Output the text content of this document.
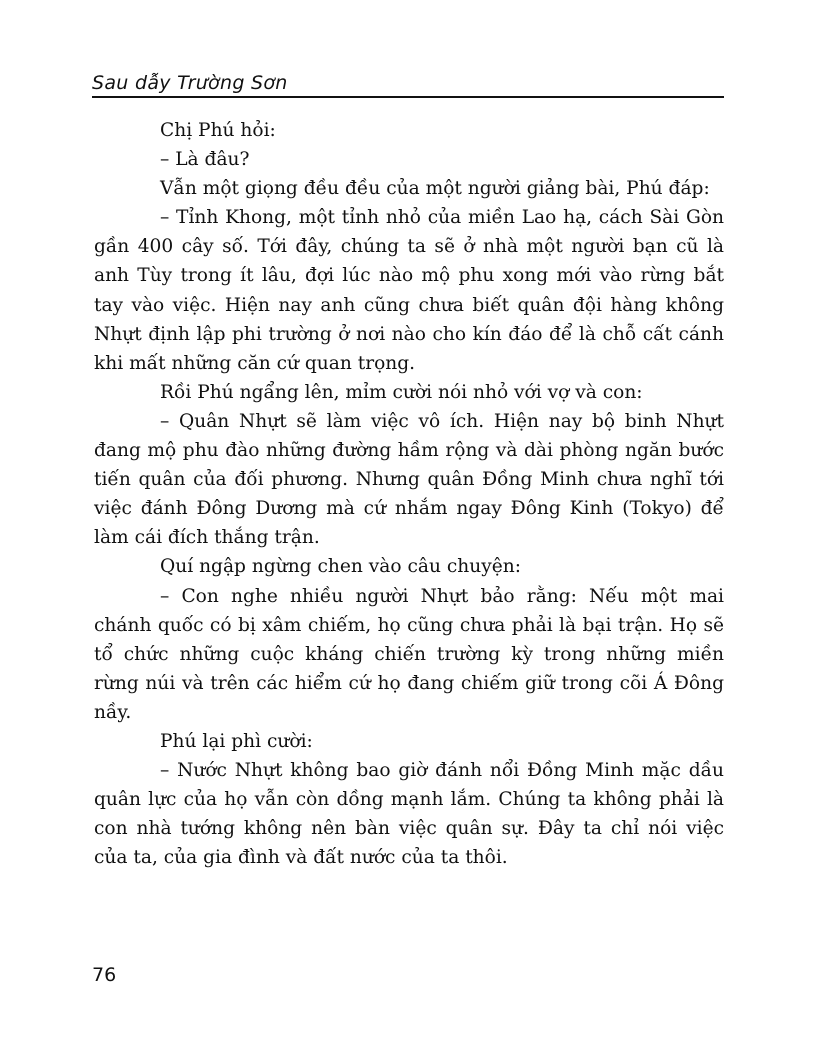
Sau dẫy Trường Sơn

Chị Phú hỏi:

– Là đâu?

Vẫn một giọng đều đều của một người giảng bài, Phú đáp:

– Tỉnh Khong, một tỉnh nhỏ của miền Lao hạ, cách Sài Gòn gần 400 cây số. Tới đây, chúng ta sẽ ở nhà một người bạn cũ là anh Tùy trong ít lâu, đợi lúc nào mộ phu xong mới vào rừng bắt tay vào việc. Hiện nay anh cũng chưa biết quân đội hàng không Nhựt định lập phi trường ở nơi nào cho kín đáo để là chỗ cất cánh khi mất những căn cứ quan trọng.

Rồi Phú ngẩng lên, mỉm cười nói nhỏ với vợ và con:

– Quân Nhựt sẽ làm việc vô ích. Hiện nay bộ binh Nhựt đang mộ phu đào những đường hầm rộng và dài phòng ngăn bước tiến quân của đối phương. Nhưng quân Đồng Minh chưa nghĩ tới việc đánh Đông Dương mà cứ nhắm ngay Đông Kinh (Tokyo) để làm cái đích thắng trận.

Quí ngập ngừng chen vào câu chuyện:

– Con nghe nhiều người Nhựt bảo rằng: Nếu một mai chánh quốc có bị xâm chiếm, họ cũng chưa phải là bại trận. Họ sẽ tổ chức những cuộc kháng chiến trường kỳ trong những miền rừng núi và trên các hiểm cứ họ đang chiếm giữ trong cõi Á Đông nầy.

Phú lại phì cười:

– Nước Nhựt không bao giờ đánh nổi Đồng Minh mặc dầu quân lực của họ vẫn còn dồng mạnh lắm. Chúng ta không phải là con nhà tướng không nên bàn việc quân sự. Đây ta chỉ nói việc của ta, của gia đình và đất nước của ta thôi.

76
